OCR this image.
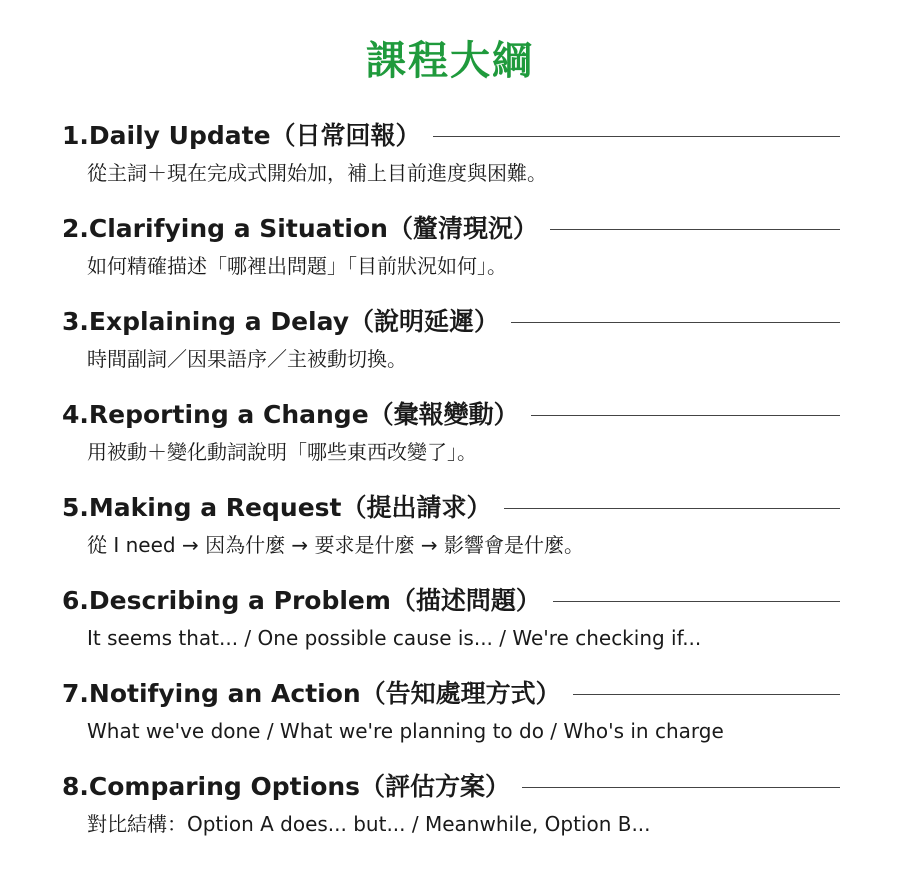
課程大綱
1.Daily Update（日常回報）
從主詞＋現在完成式開始加，補上目前進度與困難。
2.Clarifying a Situation（釐清現況）
如何精確描述「哪裡出問題」「目前狀況如何」。
3.Explaining a Delay（說明延遲）
時間副詞／因果語序／主被動切換。
4.Reporting a Change（彙報變動）
用被動＋變化動詞說明「哪些東西改變了」。
5.Making a Request（提出請求）
從 I need → 因為什麼 → 要求是什麼 → 影響會是什麼。
6.Describing a Problem（描述問題）
It seems that... / One possible cause is... / We're checking if...
7.Notifying an Action（告知處理方式）
What we've done / What we're planning to do / Who's in charge
8.Comparing Options（評估方案）
對比結構：Option A does... but... / Meanwhile, Option B...
